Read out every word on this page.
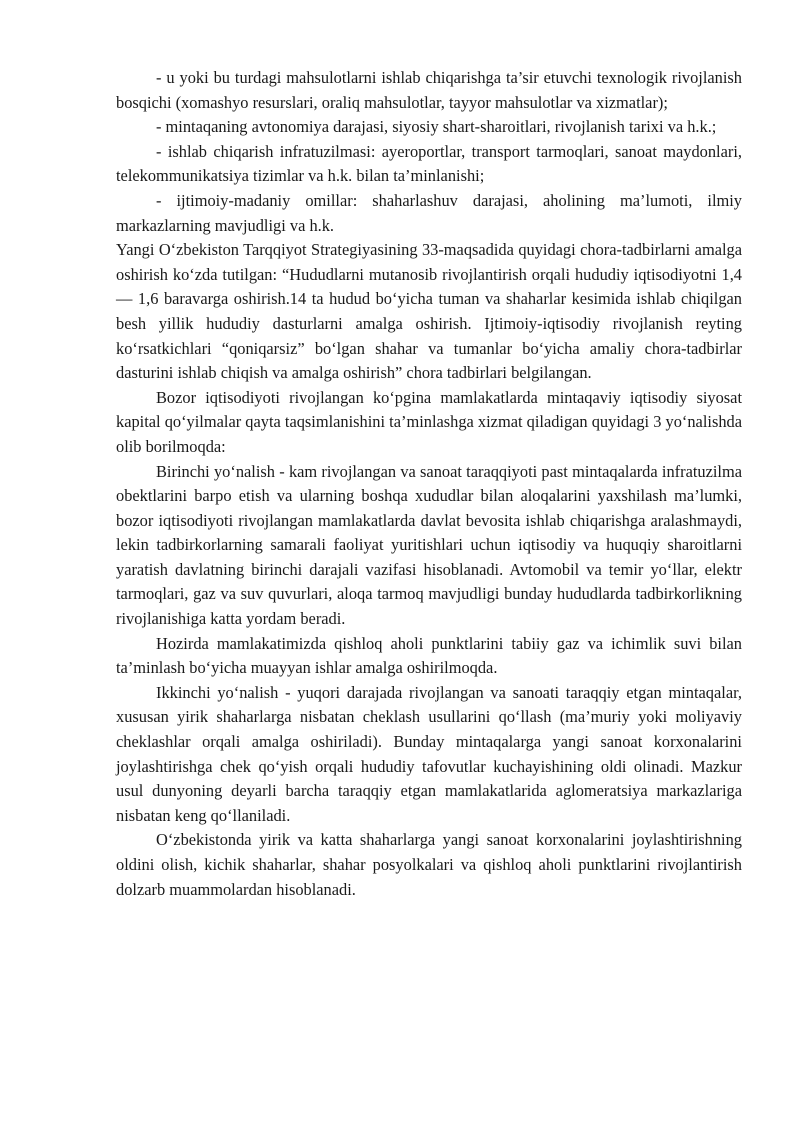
- u yoki bu turdagi mahsulotlarni ishlab chiqarishga ta’sir etuvchi texnologik rivojlanish bosqichi (xomashyo resurslari, oraliq mahsulotlar, tayyor mahsulotlar va xizmatlar);

- mintaqaning avtonomiya darajasi, siyosiy shart-sharoitlari, rivojlanish tarixi va h.k.;

- ishlab chiqarish infratuzilmasi: ayeroportlar, transport tarmoqlari, sanoat maydonlari, telekommunikatsiya tizimlar va h.k. bilan ta’minlanishi;

- ijtimoiy-madaniy omillar: shaharlashuv darajasi, aholining ma’lumoti, ilmiy markazlarning mavjudligi va h.k.

Yangi O‘zbekiston Tarqqiyot Strategiyasining 33-maqsadida quyidagi chora-tadbirlarni amalga oshirish ko‘zda tutilgan: “Hududlarni mutanosib rivojlantirish orqali hududiy iqtisodiyotni 1,4 — 1,6 baravarga oshirish.14 ta hudud bo‘yicha tuman va shaharlar kesimida ishlab chiqilgan besh yillik hududiy dasturlarni amalga oshirish. Ijtimoiy-iqtisodiy rivojlanish reyting ko‘rsatkichlari “qoniqarsiz” bo‘lgan shahar va tumanlar bo‘yicha amaliy chora-tadbirlar dasturini ishlab chiqish va amalga oshirish” chora tadbirlari belgilangan.

Bozor iqtisodiyoti rivojlangan ko‘pgina mamlakatlarda mintaqaviy iqtisodiy siyosat kapital qo‘yilmalar qayta taqsimlanishini ta’minlashga xizmat qiladigan quyidagi 3 yo‘nalishda olib borilmoqda:

Birinchi yo‘nalish - kam rivojlangan va sanoat taraqqiyoti past mintaqalarda infratuzilma obektlarini barpo etish va ularning boshqa xududlar bilan aloqalarini yaxshilash ma’lumki, bozor iqtisodiyoti rivojlangan mamlakatlarda davlat bevosita ishlab chiqarishga aralashmaydi, lekin tadbirkorlarning samarali faoliyat yuritishlari uchun iqtisodiy va huquqiy sharoitlarni yaratish davlatning birinchi darajali vazifasi hisoblanadi. Avtomobil va temir yo‘llar, elektr tarmoqlari, gaz va suv quvurlari, aloqa tarmoq mavjudligi bunday hududlarda tadbirkorlikning rivojlanishiga katta yordam beradi.

Hozirda mamlakatimizda qishloq aholi punktlarini tabiiy gaz va ichimlik suvi bilan ta’minlash bo‘yicha muayyan ishlar amalga oshirilmoqda.

Ikkinchi yo‘nalish - yuqori darajada rivojlangan va sanoati taraqqiy etgan mintaqalar, xususan yirik shaharlarga nisbatan cheklash usullarini qo‘llash (ma’muriy yoki moliyaviy cheklashlar orqali amalga oshiriladi). Bunday mintaqalarga yangi sanoat korxonalarini joylashtirishga chek qo‘yish orqali hududiy tafovutlar kuchayishining oldi olinadi. Mazkur usul dunyoning deyarli barcha taraqqiy etgan mamlakatlarida aglomeratsiya markazlariga nisbatan keng qo‘llaniladi.

O‘zbekistonda yirik va katta shaharlarga yangi sanoat korxonalarini joylashtirishning oldini olish, kichik shaharlar, shahar posyolkalari va qishloq aholi punktlarini rivojlantirish dolzarb muammolardan hisoblanadi.
